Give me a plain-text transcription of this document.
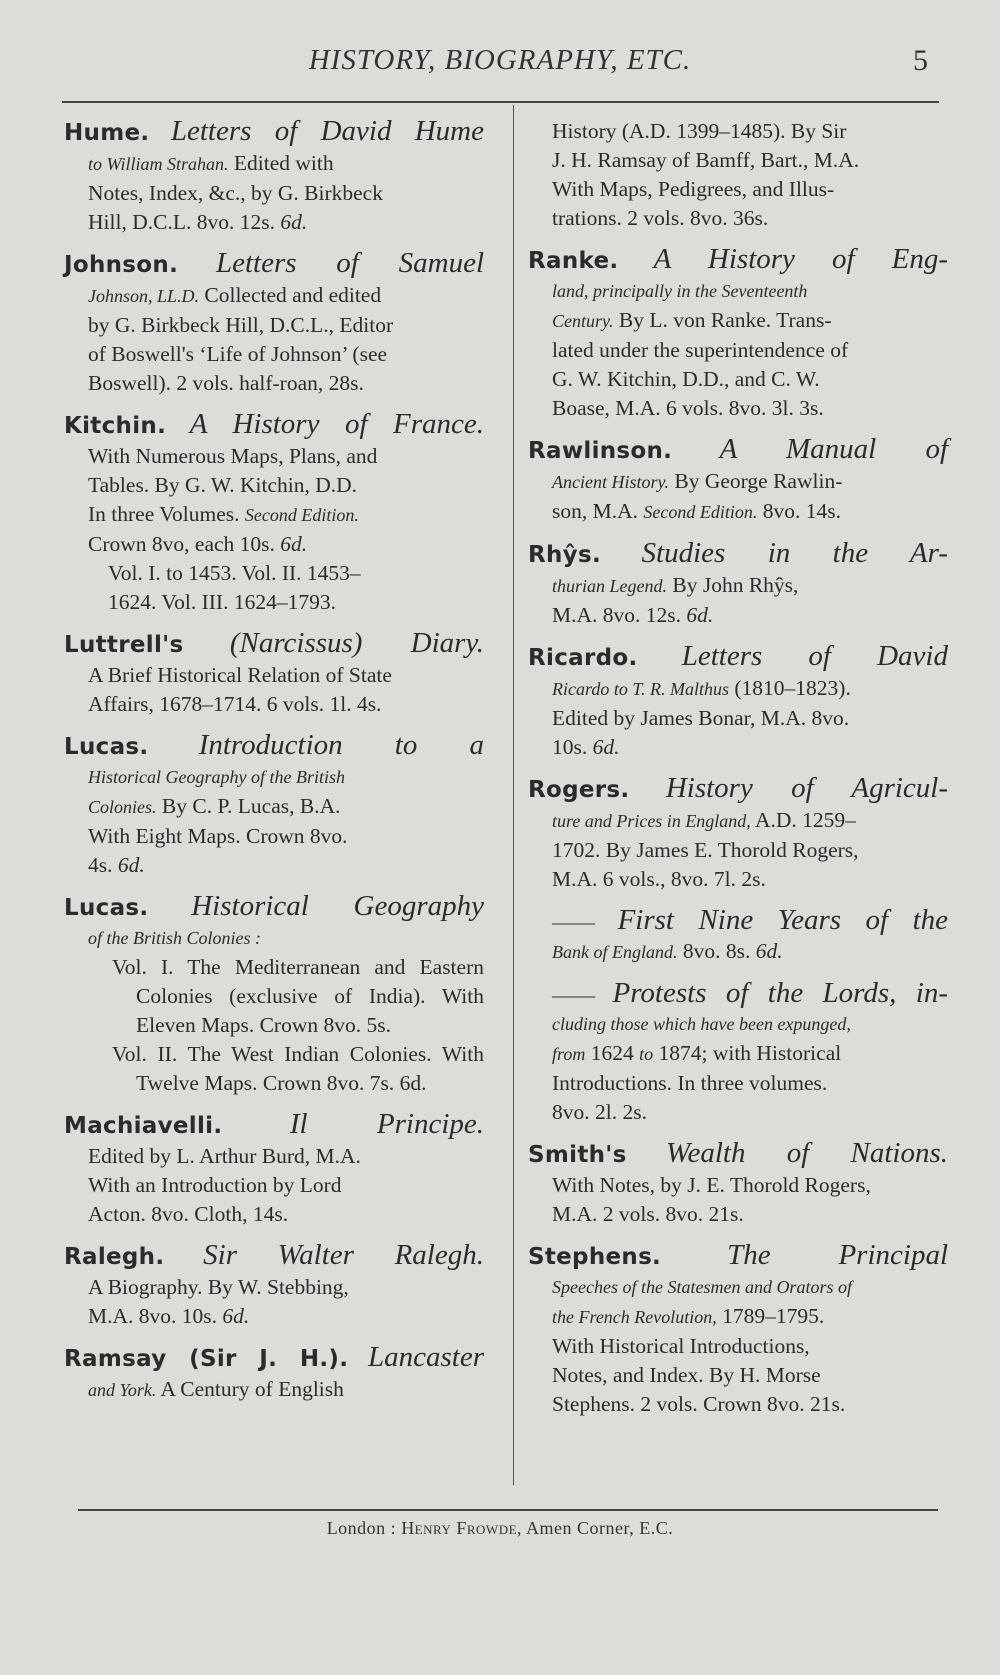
HISTORY, BIOGRAPHY, ETC.	5
Hume. Letters of David Hume

to William Strahan. Edited with

Notes, Index, &c., by G. Birkbeck

Hill, D.C.L. 8vo. 12s. 6d.

Johnson. Letters of Samuel

Johnson, LL.D. Collected and edited

by G. Birkbeck Hill, D.C.L., Editor

of Boswell's ‘Life of Johnson’ (see

Boswell). 2 vols. half-roan, 28s.

Kitchin. A History of France.

With Numerous Maps, Plans, and

Tables. By G. W. Kitchin, D.D.

In three Volumes. Second Edition.

Crown 8vo, each 10s. 6d.

Vol. I. to 1453. Vol. II. 1453–

1624. Vol. III. 1624–1793.

Luttrell's (Narcissus) Diary.

A Brief Historical Relation of State

Affairs, 1678–1714. 6 vols. 1l. 4s.

Lucas. Introduction to a

Historical Geography of the British

Colonies. By C. P. Lucas, B.A.

With Eight Maps. Crown 8vo.

4s. 6d.

Lucas. Historical Geography

of the British Colonies :

Vol. I. The Mediterranean and Eastern Colonies (exclusive of India). With Eleven Maps. Crown 8vo. 5s.

Vol. II. The West Indian Colonies. With Twelve Maps. Crown 8vo. 7s. 6d.

Machiavelli. Il Principe.

Edited by L. Arthur Burd, M.A.

With an Introduction by Lord

Acton. 8vo. Cloth, 14s.

Ralegh. Sir Walter Ralegh.

A Biography. By W. Stebbing,

M.A. 8vo. 10s. 6d.

Ramsay (Sir J. H.). Lancaster

and York. A Century of English

History (A.D. 1399–1485). By Sir

J. H. Ramsay of Bamff, Bart., M.A.

With Maps, Pedigrees, and Illus-

trations. 2 vols. 8vo. 36s.

Ranke. A History of Eng-

land, principally in the Seventeenth

Century. By L. von Ranke. Trans-

lated under the superintendence of

G. W. Kitchin, D.D., and C. W.

Boase, M.A. 6 vols. 8vo. 3l. 3s.

Rawlinson. A Manual of

Ancient History. By George Rawlin-

son, M.A. Second Edition. 8vo. 14s.

Rhŷs. Studies in the Ar-

thurian Legend. By John Rhŷs,

M.A. 8vo. 12s. 6d.

Ricardo. Letters of David

Ricardo to T. R. Malthus (1810–1823).

Edited by James Bonar, M.A. 8vo.

10s. 6d.

Rogers. History of Agricul-

ture and Prices in England, A.D. 1259–

1702. By James E. Thorold Rogers,

M.A. 6 vols., 8vo. 7l. 2s.

—— First Nine Years of the

Bank of England. 8vo. 8s. 6d.

—— Protests of the Lords, in-

cluding those which have been expunged,

from 1624 to 1874; with Historical

Introductions. In three volumes.

8vo. 2l. 2s.

Smith's Wealth of Nations.

With Notes, by J. E. Thorold Rogers,

M.A. 2 vols. 8vo. 21s.

Stephens. The Principal

Speeches of the Statesmen and Orators of

the French Revolution, 1789–1795.

With Historical Introductions,

Notes, and Index. By H. Morse

Stephens. 2 vols. Crown 8vo. 21s.

London : Henry Frowde, Amen Corner, E.C.
